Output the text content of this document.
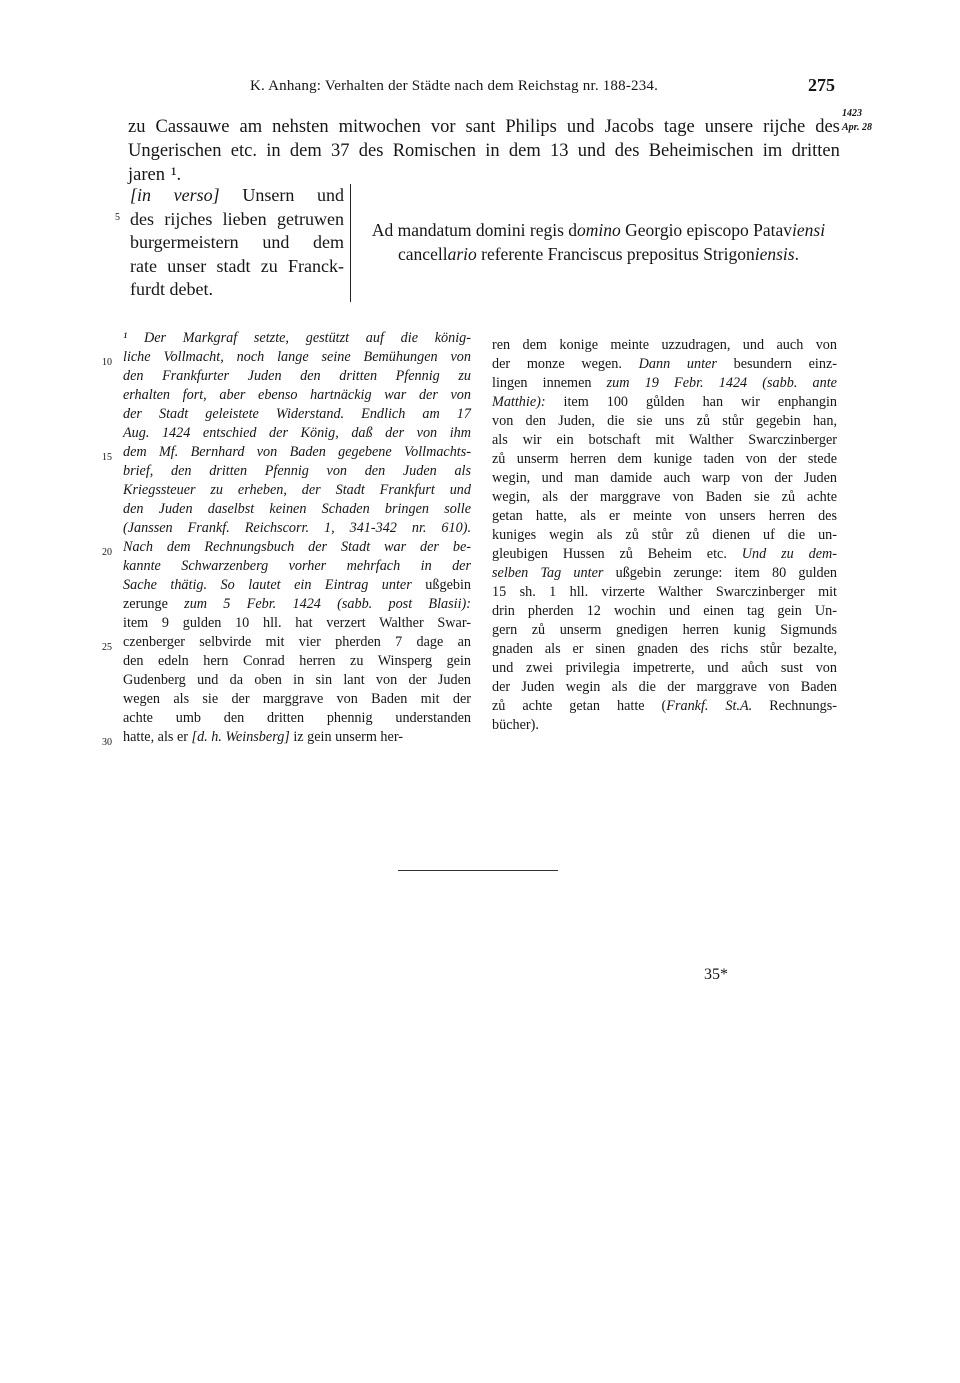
K. Anhang: Verhalten der Städte nach dem Reichstag nr. 188-234.	275
1423
Apr. 28
zu Cassauwe am nehsten mitwochen vor sant Philips und Jacobs tage unsere rijche des
Ungerischen etc. in dem 37 des Romischen in dem 13 und des Beheimischen im dritten
jaren ¹.
[in verso] Unsern und
des rijches lieben getruwen
burgermeistern und dem
rate unser stadt zu Franck-
furdt debet.
Ad mandatum domini regis domino Georgio episcopo Pataviensi
cancellario referente Franciscus prepositus Strigoniensis.
5
10
15
20
25
30
¹ Der Markgraf setzte, gestützt auf die könig-
liche Vollmacht, noch lange seine Bemühungen von
den Frankfurter Juden den dritten Pfennig zu
erhalten fort, aber ebenso hartnäckig war der von
der Stadt geleistete Widerstand. Endlich am 17
Aug. 1424 entschied der König, daß der von ihm
dem Mf. Bernhard von Baden gegebene Vollmachts-
brief, den dritten Pfennig von den Juden als
Kriegssteuer zu erheben, der Stadt Frankfurt und
den Juden daselbst keinen Schaden bringen solle
(Janssen Frankf. Reichscorr. 1, 341-342 nr. 610).
Nach dem Rechnungsbuch der Stadt war der be-
kannte Schwarzenberg vorher mehrfach in der
Sache thätig. So lautet ein Eintrag unter ußgebin
zerunge zum 5 Febr. 1424 (sabb. post Blasii):
item 9 gulden 10 hll. hat verzert Walther Swar-
czenberger selbvirde mit vier pherden 7 dage an
den edeln hern Conrad herren zu Winsperg gein
Gudenberg und da oben in sin lant von der Juden
wegen als sie der marggrave von Baden mit der
achte umb den dritten phennig understanden
hatte, als er [d. h. Weinsberg] iz gein unserm her-
ren dem konige meinte uzzudragen, und auch von
der monze wegen. Dann unter besundern einz-
lingen innemen zum 19 Febr. 1424 (sabb. ante
Matthie): item 100 gůlden han wir enphangin
von den Juden, die sie uns zů stůr gegebin han,
als wir ein botschaft mit Walther Swarczinberger
zů unserm herren dem kunige taden von der stede
wegin, und man damide auch warp von der Juden
wegin, als der marggrave von Baden sie zů achte
getan hatte, als er meinte von unsers herren des
kuniges wegin als zů stůr zů dienen uf die un-
gleubigen Hussen zů Beheim etc. Und zu dem-
selben Tag unter ußgebin zerunge: item 80 gulden
15 sh. 1 hll. virzerte Walther Swarczinberger mit
drin pherden 12 wochin und einen tag gein Un-
gern zů unserm gnedigen herren kunig Sigmunds
gnaden als er sinen gnaden des richs stůr bezalte,
und zwei privilegia impetrerte, und aůch sust von
der Juden wegin als die der marggrave von Baden
zů achte getan hatte (Frankf. St.A. Rechnungs-
bücher).
35*
